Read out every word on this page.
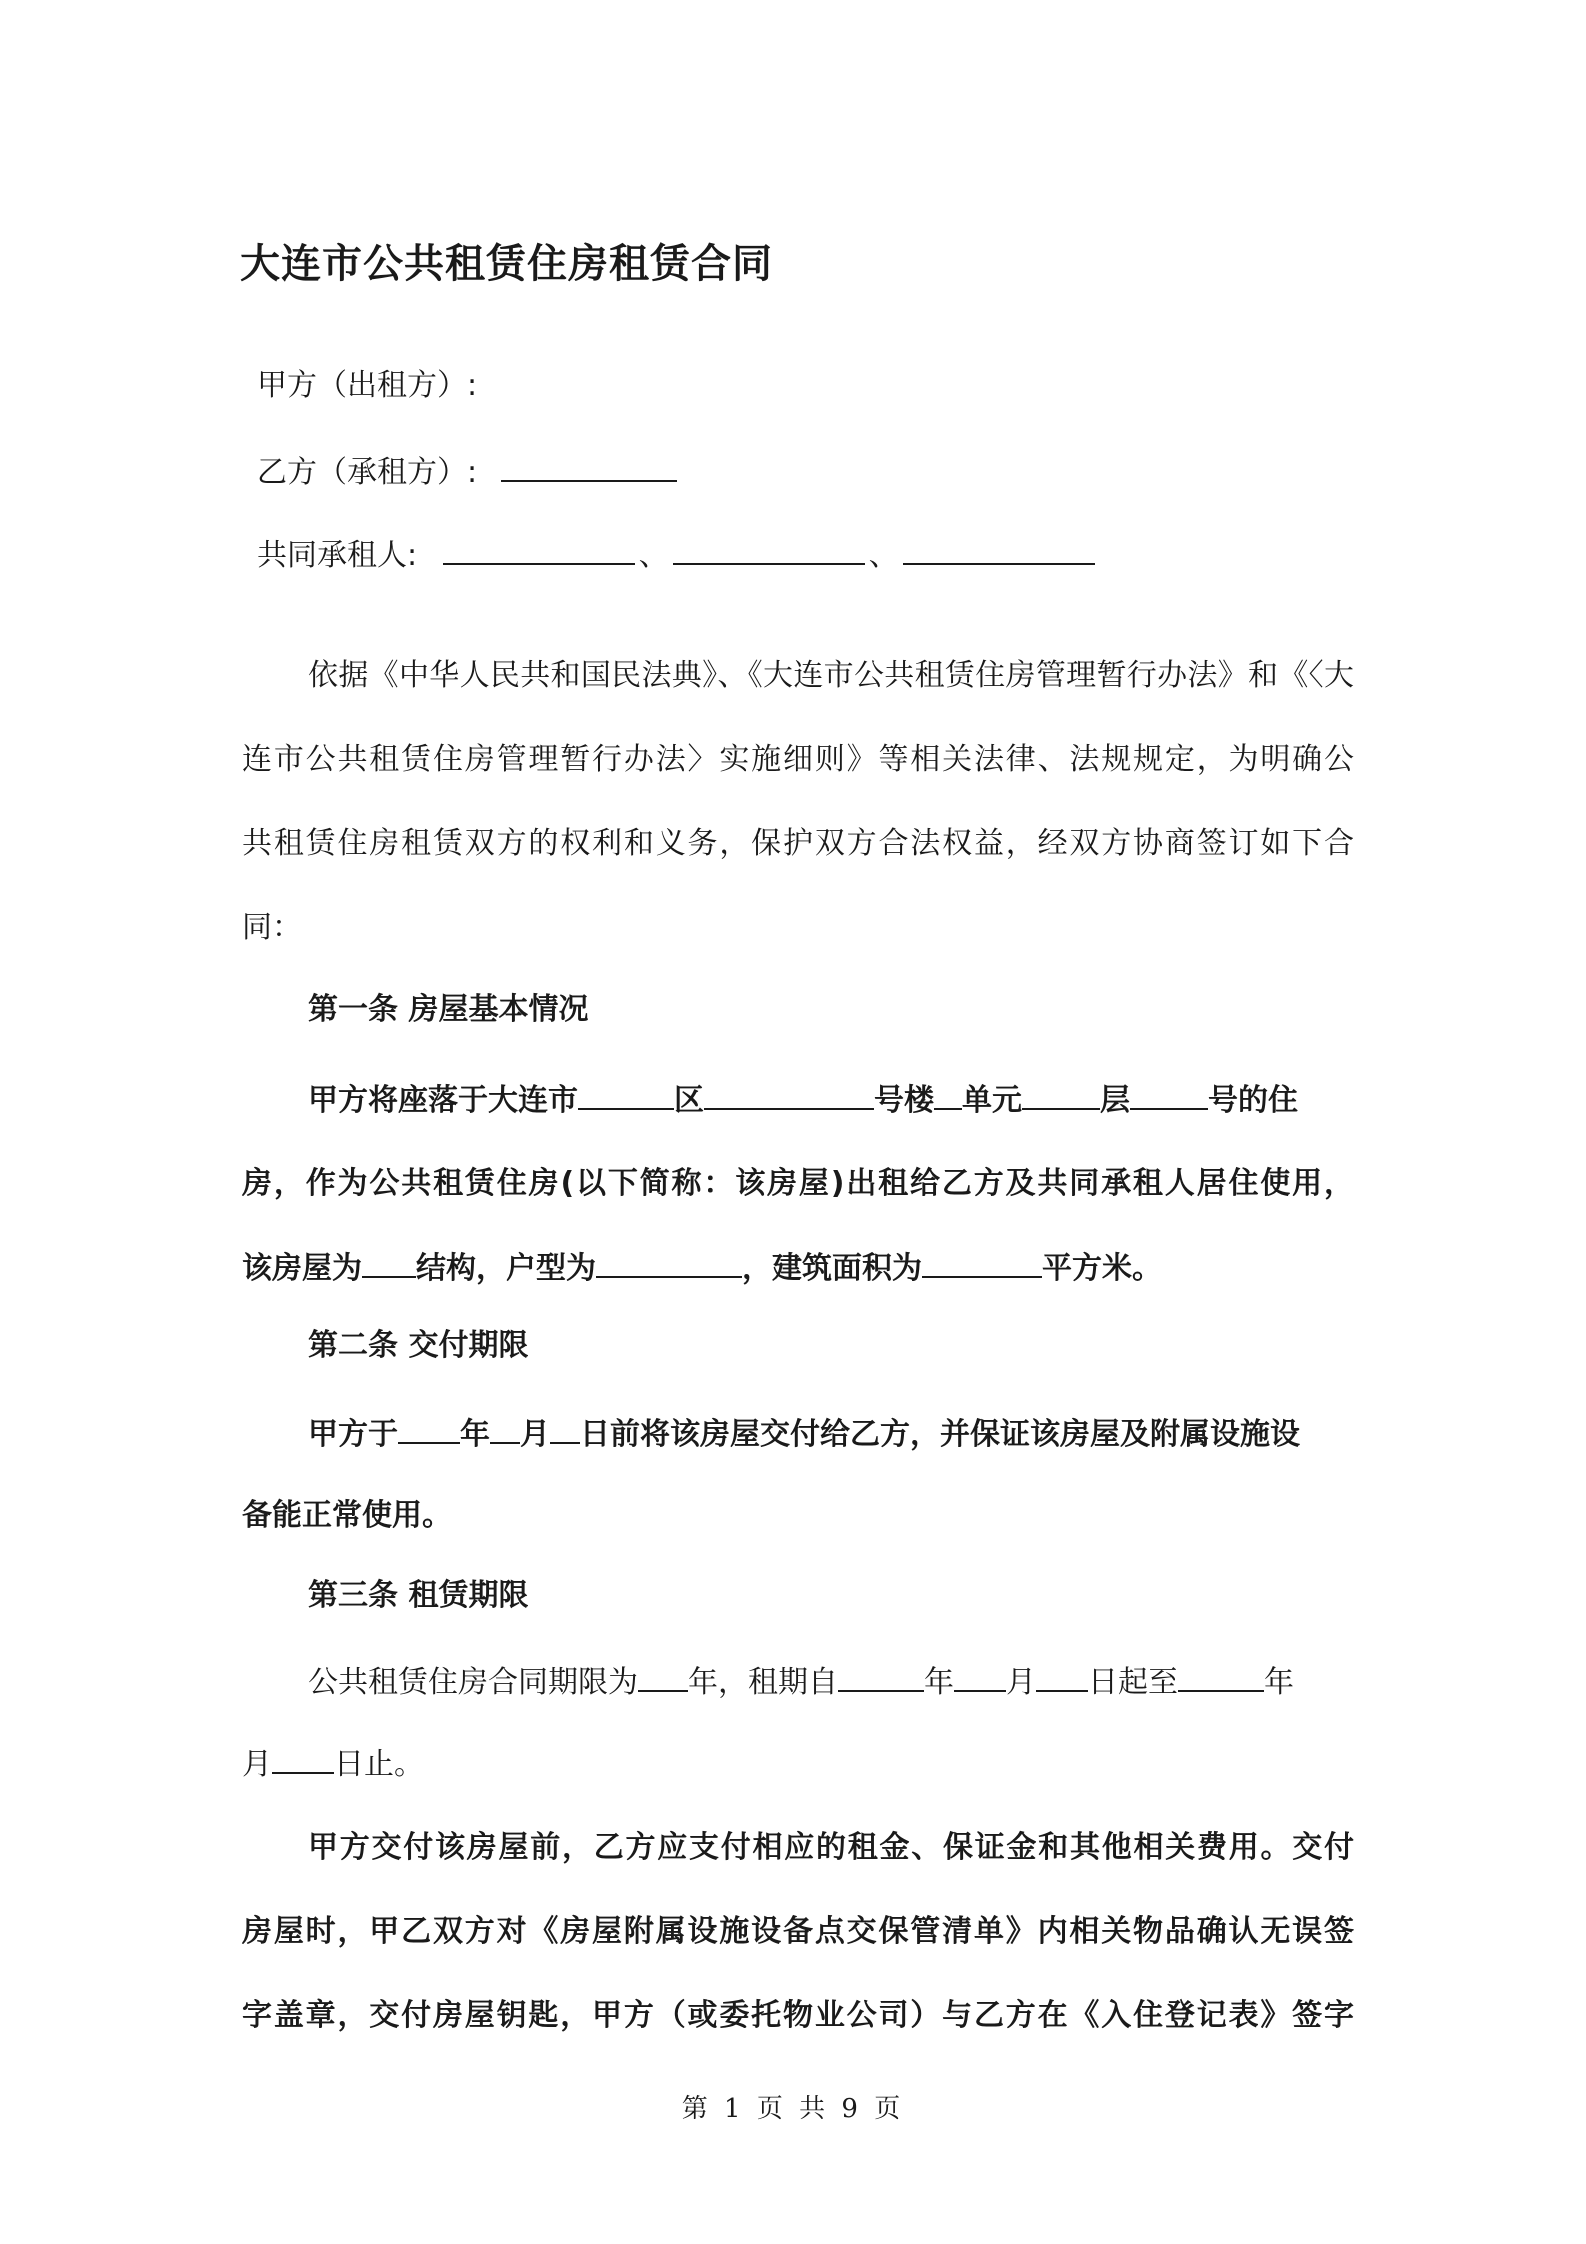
大连市公共租赁住房租赁合同
甲方（出租方）:
乙方（承租方）:
共同承租人:	、	、
依据《中华人民共和国民法典》、《大连市公共租赁住房管理暂行办法》和《〈大
连市公共租赁住房管理暂行办法〉实施细则》等相关法律、法规规定，为明确公
共租赁住房租赁双方的权利和义务，保护双方合法权益，经双方协商签订如下合
同：
第一条 房屋基本情况
甲方将座落于大连市	区	号楼 单元	层	号的住
房，作为公共租赁住房(以下简称：该房屋)出租给乙方及共同承租人居住使用，
该房屋为 结构，户型为	，建筑面积为	平方米。
第二条 交付期限
甲方于 年 月 日前将该房屋交付给乙方，并保证该房屋及附属设施设
备能正常使用。
第三条 租赁期限
公共租赁住房合同期限为 年，租期自	年 月 日起至	年
月 日止。
甲方交付该房屋前，乙方应支付相应的租金、保证金和其他相关费用。交付
房屋时，甲乙双方对《房屋附属设施设备点交保管清单》内相关物品确认无误签
字盖章，交付房屋钥匙，甲方（或委托物业公司）与乙方在《入住登记表》签字
第 1 页 共 9 页
